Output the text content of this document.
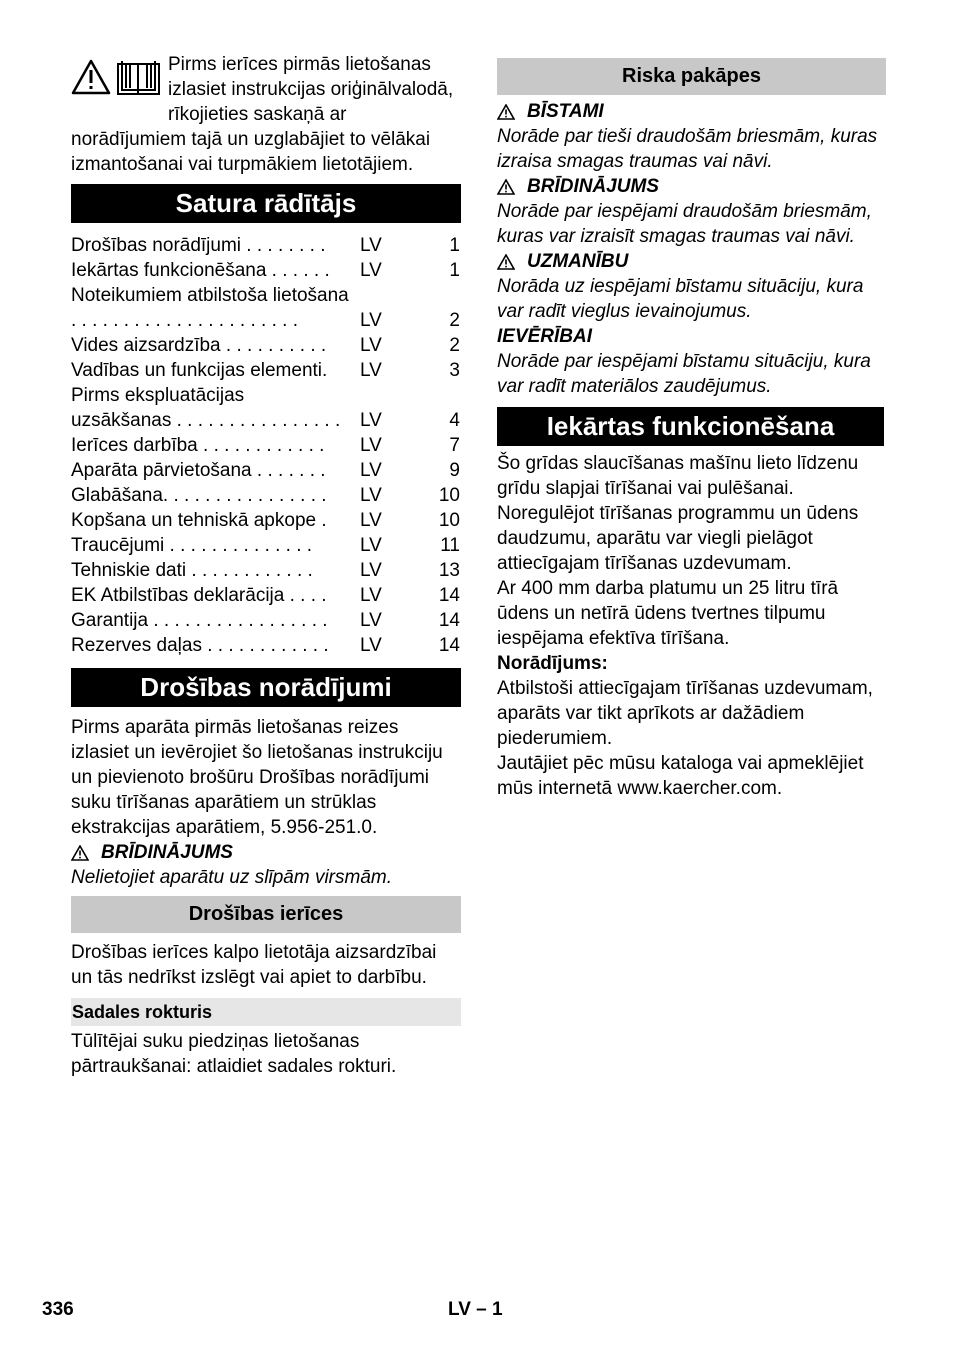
Pirms ierīces pirmās lietošanas izlasiet instrukcijas oriģinālvalodā, rīkojieties saskaņā ar norādījumiem tajā un uzglabājiet to vēlākai izmantošanai vai turpmākiem lietotājiem.

Satura rādītājs
Drošības norādījumi . . . . . . . .	LV	1
Iekārtas funkcionēšana . . . . . .	LV	1
Noteikumiem atbilstoša lietošana . . . . . . . . . . . . . . . . . . . . . .	LV	2
Vides aizsardzība . . . . . . . . . .	LV	2
Vadības un funkcijas elementi.	LV	3
Pirms ekspluatācijas uzsākšanas . . . . . . . . . . . . . . . .	LV	4
Ierīces darbība . . . . . . . . . . . .	LV	7
Aparāta pārvietošana . . . . . . .	LV	9
Glabāšana. . . . . . . . . . . . . . . .	LV	10
Kopšana un tehniskā apkope .	LV	10
Traucējumi . . . . . . . . . . . . . .	LV	11
Tehniskie dati . . . . . . . . . . . .	LV	13
EK Atbilstības deklarācija . . . .	LV	14
Garantija . . . . . . . . . . . . . . . . .	LV	14
Rezerves daļas . . . . . . . . . . . .	LV	14
Drošības norādījumi

Pirms aparāta pirmās lietošanas reizes izlasiet un ievērojiet šo lietošanas instrukciju un pievienoto brošūru Drošības norādījumi suku tīrīšanas aparātiem un strūklas ekstrakcijas aparātiem, 5.956-251.0.

BRĪDINĀJUMS

Nelietojiet aparātu uz slīpām virsmām.

Drošības ierīces

Drošības ierīces kalpo lietotāja aizsardzībai un tās nedrīkst izslēgt vai apiet to darbību.

Sadales rokturis

Tūlītējai suku piedziņas lietošanas pārtraukšanai: atlaidiet sadales rokturi.

Riska pakāpes
BĪSTAMI

Norāde par tieši draudošām briesmām, kuras izraisa smagas traumas vai nāvi.

BRĪDINĀJUMS

Norāde par iespējami draudošām briesmām, kuras var izraisīt smagas traumas vai nāvi.

UZMANĪBU

Norāda uz iespējami bīstamu situāciju, kura var radīt vieglus ievainojumus.

IEVĒRĪBAI

Norāde par iespējami bīstamu situāciju, kura var radīt materiālos zaudējumus.

Iekārtas funkcionēšana

Šo grīdas slaucīšanas mašīnu lieto līdzenu grīdu slapjai tīrīšanai vai pulēšanai.

Noregulējot tīrīšanas programmu un ūdens daudzumu, aparātu var viegli pielāgot attiecīgajam tīrīšanas uzdevumam.

Ar 400 mm darba platumu un 25 litru tīrā ūdens un netīrā ūdens tvertnes tilpumu iespējama efektīva tīrīšana.

Norādījums:

Atbilstoši attiecīgajam tīrīšanas uzdevumam, aparāts var tikt aprīkots ar dažādiem piederumiem.

Jautājiet pēc mūsu kataloga vai apmeklējiet mūs internetā www.kaercher.com.

336	LV – 1
